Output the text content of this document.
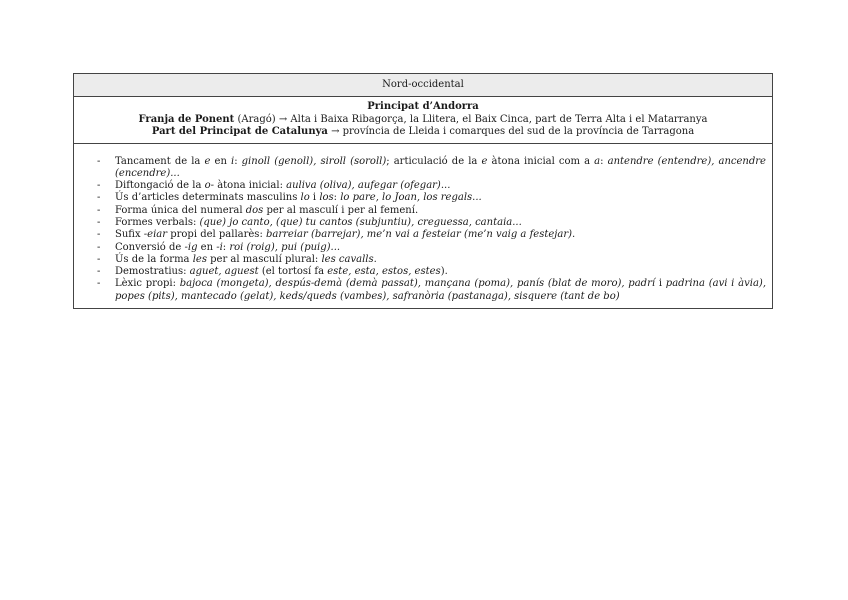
Nord-occidental
Principat d’Andorra
Franja de Ponent (Aragó) → Alta i Baixa Ribagorça, la Llitera, el Baix Cinca, part de Terra Alta i el Matarranya
Part del Principat de Catalunya → província de Lleida i comarques del sud de la província de Tarragona
- Tancament de la e en i: ginoll (genoll), siroll (soroll); articulació de la e àtona inicial com a a: antendre (entendre), ancendre (encendre)...
- Diftongació de la o- àtona inicial: auliva (oliva), aufegar (ofegar)...
- Ús d’articles determinats masculins lo i los: lo pare, lo Joan, los regals...
- Forma única del numeral dos per al masculí i per al femení.
- Formes verbals: (que) jo canto, (que) tu cantos (subjuntiu), creguessa, cantaia...
- Sufix -eiar propi del pallarès: barreiar (barrejar), me’n vai a festeiar (me’n vaig a festejar).
- Conversió de -ig en -i: roi (roig), pui (puig)...
- Ús de la forma les per al masculí plural: les cavalls.
- Demostratius: aguet, aguest (el tortosí fa este, esta, estos, estes).
- Lèxic propi: bajoca (mongeta), despús-demà (demà passat), mançana (poma), panís (blat de moro), padrí i padrina (avi i àvia), popes (pits), mantecado (gelat), keds/queds (vambes), safranòria (pastanaga), sisquere (tant de bo)
